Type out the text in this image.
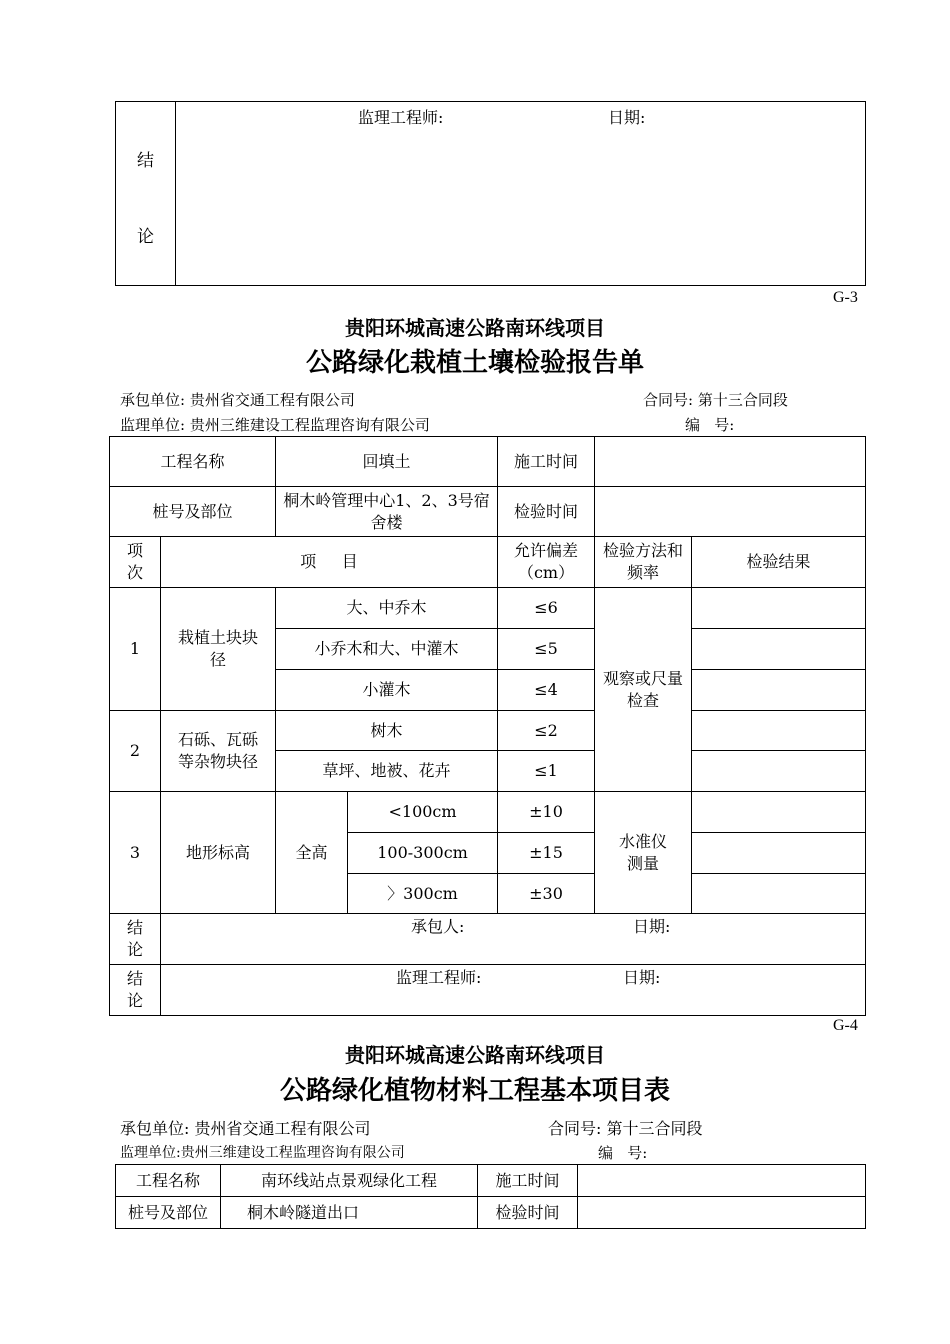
结
论

监理工程师:	日期:
G-3
贵阳环城高速公路南环线项目
公路绿化栽植土壤检验报告单
承包单位: 贵州省交通工程有限公司	合同号: 第十三合同段
监理单位: 贵州三维建设工程监理咨询有限公司	编   号:
工程名称		回填土		施工时间		
桩号及部位		桐木岭管理中心1、2、3号宿舍楼		检验时间		
项次	项     目			允许偏差（cm）	检验方法和频率	检验结果
1	栽植土块块   径	大、中乔木		≤6	观察或尺量检查	
		小乔木和大、中灌木		≤5		
		小灌木		≤4		
2	石砾、瓦砾等杂物块径	树木		≤2		
		草坪、地被、花卉		≤1		
3	地形标高	全高	<100cm	±10	水准仪测量	
			100-300cm	±15		
			〉300cm	±30		
结论	承包人: 日期:					

结论	监理工程师: 日期:					
G-4
贵阳环城高速公路南环线项目
公路绿化植物材料工程基本项目表
承包单位: 贵州省交通工程有限公司	合同号: 第十三合同段
监理单位:贵州三维建设工程监理咨询有限公司	编   号:
工程名称	南环线站点景观绿化工程	施工时间	
桩号及部位	桐木岭隧道出口	检验时间	
